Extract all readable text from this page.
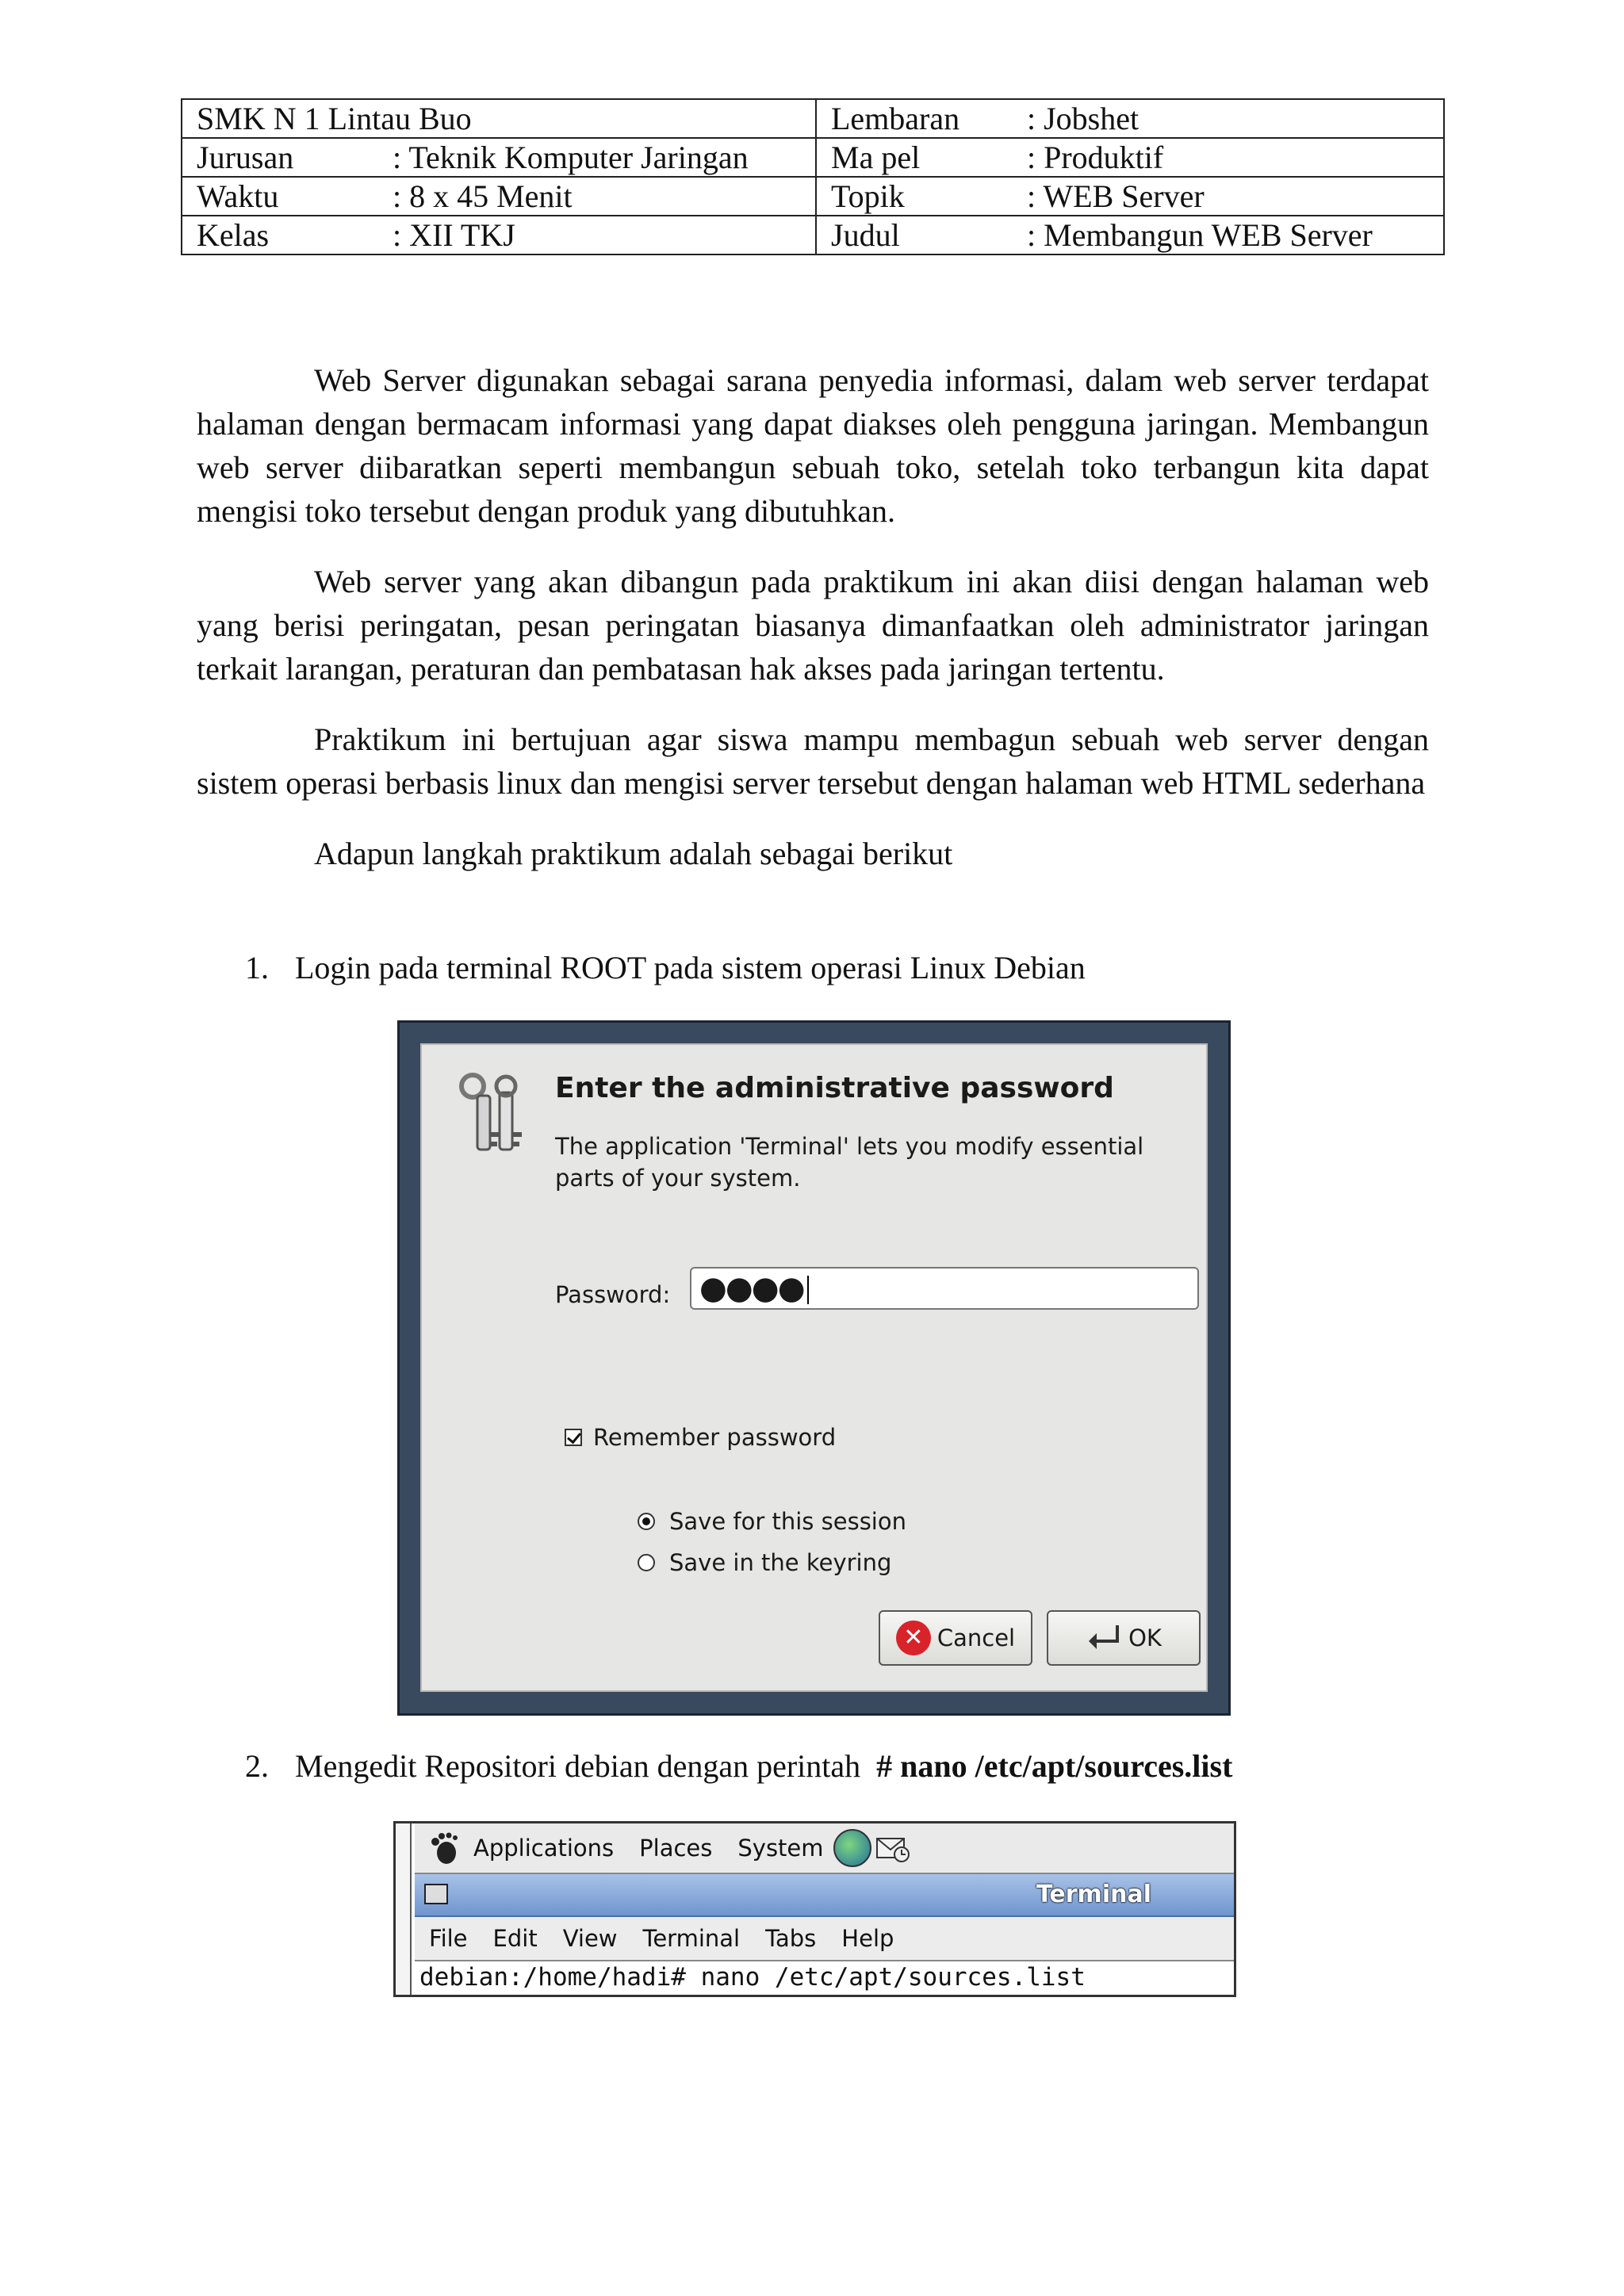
SMK N 1 Lintau Buo	Lembaran : Jobshet
Jurusan : Teknik Komputer Jaringan	Ma pel : Produktif
Waktu : 8 x 45 Menit	Topik : WEB Server
Kelas : XII TKJ	Judul : Membangun WEB Server

Web Server digunakan sebagai sarana penyedia informasi, dalam web server terdapat halaman dengan bermacam informasi yang dapat diakses oleh pengguna jaringan. Membangun web server diibaratkan seperti membangun sebuah toko, setelah toko terbangun kita dapat mengisi toko tersebut dengan produk yang dibutuhkan.

Web server yang akan dibangun pada praktikum ini akan diisi dengan halaman web yang berisi peringatan, pesan peringatan biasanya dimanfaatkan oleh administrator jaringan terkait larangan, peraturan dan pembatasan hak akses pada jaringan tertentu.

Praktikum ini bertujuan agar siswa mampu membagun sebuah web server dengan sistem operasi berbasis linux dan mengisi server tersebut dengan halaman web HTML sederhana

Adapun langkah praktikum adalah sebagai berikut

1. Login pada terminal ROOT pada sistem operasi Linux Debian
Enter the administrative password
The application 'Terminal' lets you modify essential parts of your system.
Password: ●●●●
Remember password
Save for this session
Save in the keyring
✕ Cancel	OK
2. Mengedit Repositori debian dengan perintah  # nano /etc/apt/sources.list
Applications Places System
Terminal
File Edit View Terminal Tabs Help
debian:/home/hadi# nano /etc/apt/sources.list
